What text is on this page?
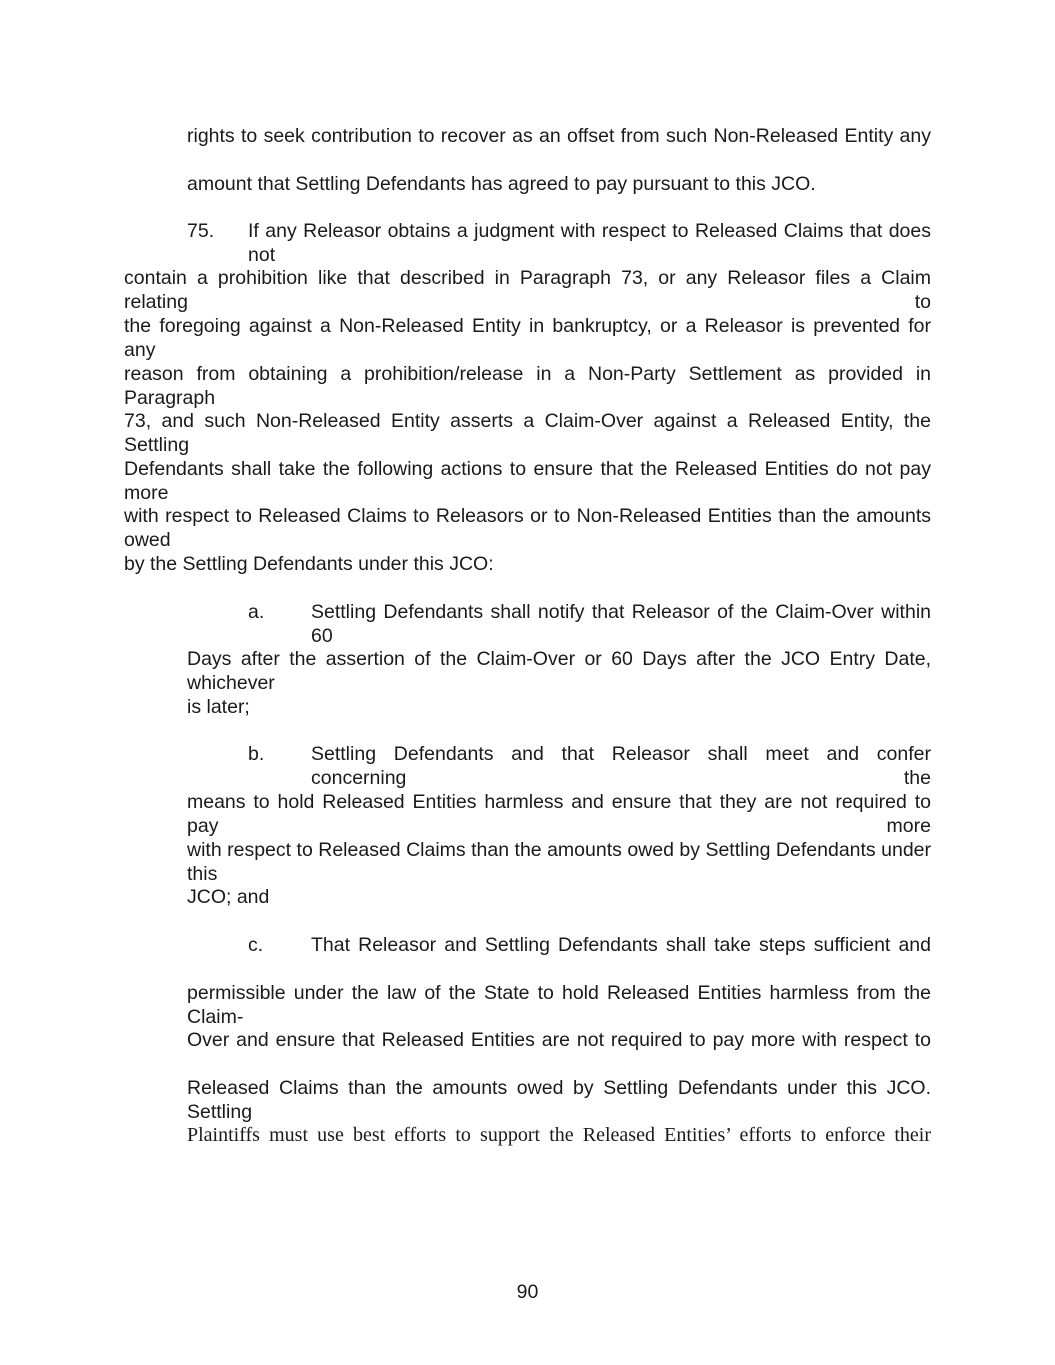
rights to seek contribution to recover as an offset from such Non-Released Entity any

amount that Settling Defendants has agreed to pay pursuant to this JCO.

75. If any Releasor obtains a judgment with respect to Released Claims that does not

contain a prohibition like that described in Paragraph 73, or any Releasor files a Claim relating to

the foregoing against a Non-Released Entity in bankruptcy, or a Releasor is prevented for any

reason from obtaining a prohibition/release in a Non-Party Settlement as provided in Paragraph

73, and such Non-Released Entity asserts a Claim-Over against a Released Entity, the Settling

Defendants shall take the following actions to ensure that the Released Entities do not pay more

with respect to Released Claims to Releasors or to Non-Released Entities than the amounts owed

by the Settling Defendants under this JCO:

a. Settling Defendants shall notify that Releasor of the Claim-Over within 60

Days after the assertion of the Claim-Over or 60 Days after the JCO Entry Date, whichever

is later;

b. Settling Defendants and that Releasor shall meet and confer concerning the

means to hold Released Entities harmless and ensure that they are not required to pay more

with respect to Released Claims than the amounts owed by Settling Defendants under this

JCO; and

c. That Releasor and Settling Defendants shall take steps sufficient and

permissible under the law of the State to hold Released Entities harmless from the Claim-

Over and ensure that Released Entities are not required to pay more with respect to

Released Claims than the amounts owed by Settling Defendants under this JCO. Settling

Plaintiffs must use best efforts to support the Released Entities’ efforts to enforce their

90
